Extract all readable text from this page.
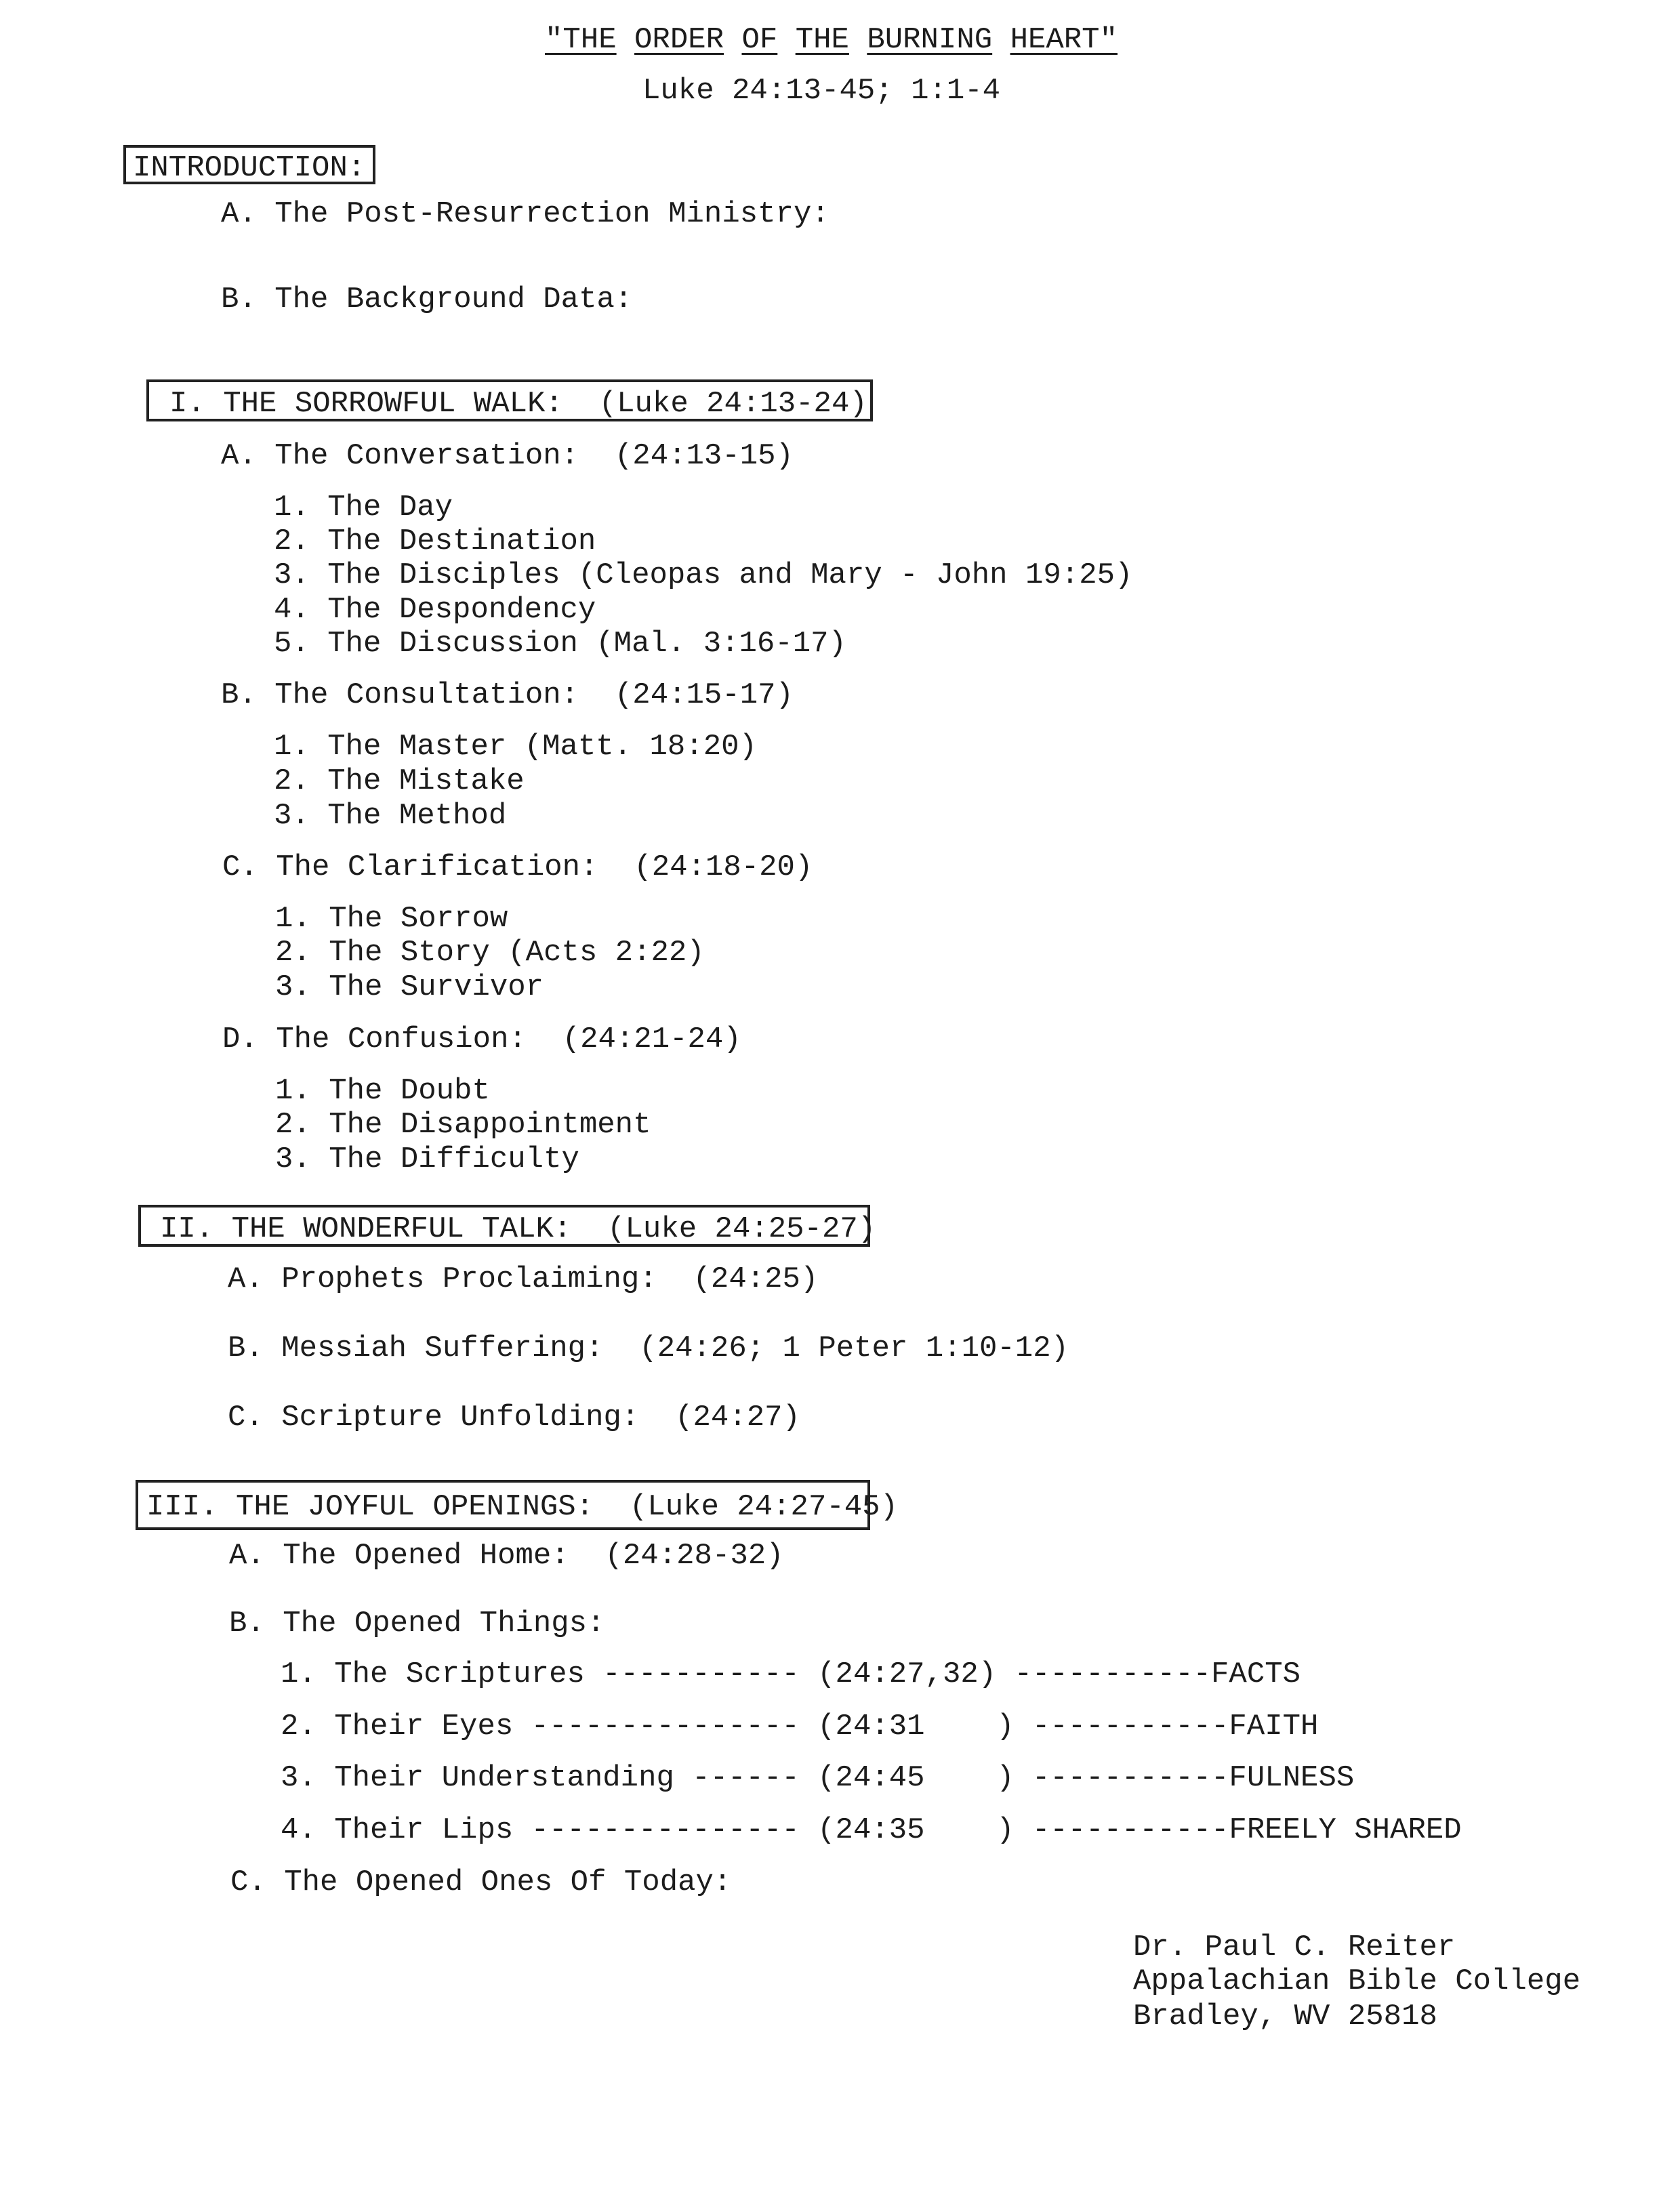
"THE ORDER OF THE BURNING HEART"
Luke 24:13-45; 1:1-4
INTRODUCTION:
A. The Post-Resurrection Ministry:
B. The Background Data:
I. THE SORROWFUL WALK:  (Luke 24:13-24)
A. The Conversation:  (24:13-15)
1. The Day
2. The Destination
3. The Disciples (Cleopas and Mary - John 19:25)
4. The Despondency
5. The Discussion (Mal. 3:16-17)
B. The Consultation:  (24:15-17)
1. The Master (Matt. 18:20)
2. The Mistake
3. The Method
C. The Clarification:  (24:18-20)
1. The Sorrow
2. The Story (Acts 2:22)
3. The Survivor
D. The Confusion:  (24:21-24)
1. The Doubt
2. The Disappointment
3. The Difficulty
II. THE WONDERFUL TALK:  (Luke 24:25-27)
A. Prophets Proclaiming:  (24:25)
B. Messiah Suffering:  (24:26; 1 Peter 1:10-12)
C. Scripture Unfolding:  (24:27)
III. THE JOYFUL OPENINGS:  (Luke 24:27-45)
A. The Opened Home:  (24:28-32)
B. The Opened Things:
1. The Scriptures ----------- (24:27,32) -----------FACTS
2. Their Eyes --------------- (24:31    ) -----------FAITH
3. Their Understanding ------ (24:45    ) -----------FULNESS
4. Their Lips --------------- (24:35    ) -----------FREELY SHARED
C. The Opened Ones Of Today:
Dr. Paul C. Reiter
Appalachian Bible College
Bradley, WV 25818
